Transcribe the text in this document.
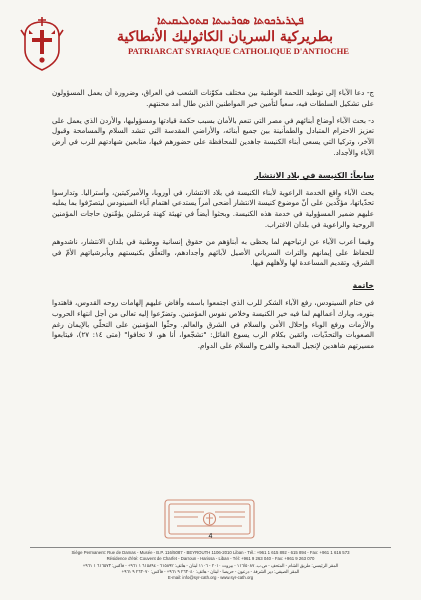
ܦܛܪܝܪܟܘܬܐ ܣܘܪܝܝܬܐ ܩܬܘܠܝܩܝܬܐ
بطريركية السريان الكاثوليك الأنطاكية
PATRIARCAT SYRIAQUE CATHOLIQUE D'ANTIOCHE

ج- دعا الآباء إلى توطيد اللحمة الوطنية بين مختلف مكوّنات الشعب في العراق، وضرورة أن يعمل المسؤولون على تشكيل السلطات فيه، سعياً لتأمين خير المواطنين الذين طال أمد محنتهم.

د- بحث الآباء أوضاع أبنائهم في مصر التي تنعم بالأمان بسبب حكمة قيادتها ومسؤوليها، والأردن الذي يعمل على تعزيز الاحترام المتبادل والطمأنينة بين جميع أبنائه، والأراضي المقدسة التي تنشد السلام والمسامحة وقبول الآخر، وتركيا التي يسعى أبناء الكنيسة جاهدين للمحافظة على حضورهم فيها، متابعين شهادتهم للرب في أرض الآباء والأجداد.

سابعاً: الكنيسة في بلاد الانتشار

بحث الآباء واقع الخدمة الراعوية لأبناء الكنيسة في بلاد الانتشار، في أوروبا، والأميركيتين، وأستراليا. وتدارسوا تحدّياتها، مؤكّدين على أنّ موضوع كنيسة الانتشار أضحى أمراً يستدعي اهتمام آباء السينودس ليتصرّفوا بما يمليه عليهم ضمير المسؤولية في خدمة هذه الكنيسة. وبحثوا أيضاً في تهيئة كهنة مُرسَلين يؤمّنون حاجات المؤمنين الروحية والراعوية في بلدان الاغتراب.

وفيما أعرب الآباء عن ارتياحهم لما يحظى به أبناؤهم من حقوق إنسانية ووطنية في بلدان الانتشار، ناشدوهم للحفاظ على إيمانهم والتراث السرياني الأصيل لآبائهم وأجدادهم، والتعلّق بكنيستهم وبأبرشياتهم الأمّ في الشرق، وتقديم المساعدة لها ولأهلهم فيها.

خاتمة

في ختام السينودس، رفع الآباء الشكر للرب الذي اجتمعوا باسمه وأفاض عليهم إلهامات روحه القدوس، فاهتدوا بنوره، وبارك أعمالهم لما فيه خير الكنيسة وخلاص نفوس المؤمنين. وتضرّعوا إليه تعالى من أجل انتهاء الحروب والأزمات ورفع الوباء وإحلال الأمن والسلام في الشرق والعالم. وحثّوا المؤمنين على التحلّي بالإيمان رغم الصعوبات والتحدّيات، واثقين بكلام الرب يسوع القائل: "تشجّعوا، أنا هو، لا تخافوا" (متى ١٤: ٢٧)، فيتابعوا مسيرتهم شاهدين لإنجيل المحبة والفرح والسلام على الدوام.

4
Siège Permanent: Rue de Damas - Musée - B.P. 116/5087 - BEYROUTH 1106-2010 Liban - Tél.: +961 1 615 892 - 615 894 - Fax: +961 1 616 573
Résidence d'été: Couvent de Charfet - Darroun - Harissa - Liban - Tél: +961 9 263 040 - Fax: +961 9 263 070
المقر الرئيسي: طريق الشام - المتحف - ص.ب. ١١٦/٥٠٨٧ - بيروت ٢٠١٠ - ١١٠٦ لبنان - هاتف: ٦١٥٨٩٢ - ٦١٥٨٩٤ ١ ٩٦١+ - فاكس: ٦١٦٥٧٣ ١ ٩٦١+
المقر الصيفي: دير الشرفة - درعون - حريصا - لبنان - هاتف: ٢٦٣٠٤٠ ٩ ٩٦١+ - فاكس: ٢٦٣٠٧٠ ٩ ٩٦١+
E-mail: info@syr-cath.org - www.syr-cath.org
